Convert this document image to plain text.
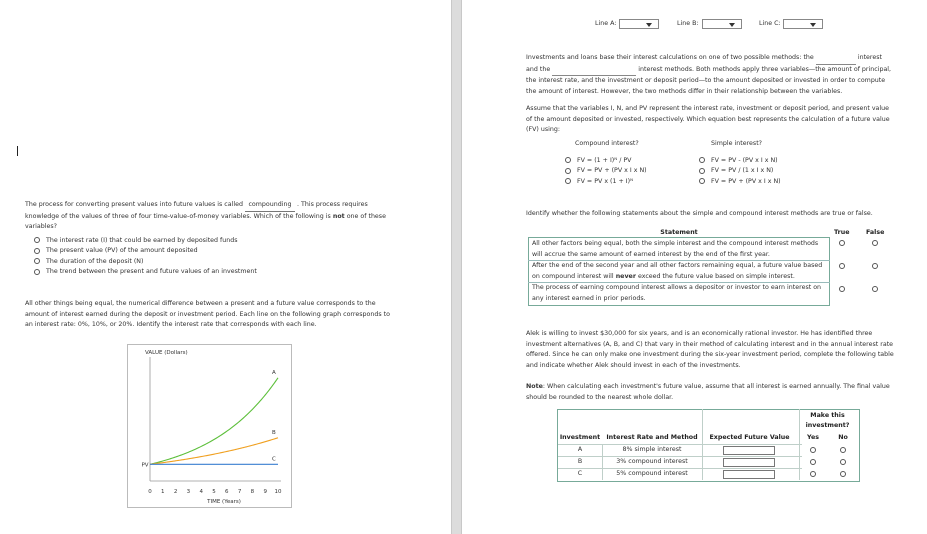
The process for converting present values into future values is called compounding . This process requires knowledge of the values of three of four time-value-of-money variables. Which of the following is not one of these variables?
The interest rate (I) that could be earned by deposited funds
The present value (PV) of the amount deposited
The duration of the deposit (N)
The trend between the present and future values of an investment
All other things being equal, the numerical difference between a present and a future value corresponds to the amount of interest earned during the deposit or investment period. Each line on the following graph corresponds to an interest rate: 0%, 10%, or 20%. Identify the interest rate that corresponds with each line.
VALUE (Dollars)
TIME (Years)
0 1 2 3 4 5 6 7 8 9 10
PV
A
B
C
Line A:	Line B:	Line C:
Investments and loans base their interest calculations on one of two possible methods: the	interest and the	interest methods. Both methods apply three variables—the amount of principal, the interest rate, and the investment or deposit period—to the amount deposited or invested in order to compute the amount of interest. However, the two methods differ in their relationship between the variables.
Assume that the variables I, N, and PV represent the interest rate, investment or deposit period, and present value of the amount deposited or invested, respectively. Which equation best represents the calculation of a future value (FV) using:
Compound interest?	Simple interest?
FV = (1 + I)ᴺ / PV
FV = PV + (PV x I x N)
FV = PV x (1 + I)ᴺ
FV = PV - (PV x I x N)
FV = PV / (1 x I x N)
FV = PV + (PV x I x N)
Identify whether the following statements about the simple and compound interest methods are true or false.
Statement	True	False
All other factors being equal, both the simple interest and the compound interest methods will accrue the same amount of earned interest by the end of the first year.
After the end of the second year and all other factors remaining equal, a future value based on compound interest will never exceed the future value based on simple interest.
The process of earning compound interest allows a depositor or investor to earn interest on any interest earned in prior periods.
Alek is willing to invest $30,000 for six years, and is an economically rational investor. He has identified three investment alternatives (A, B, and C) that vary in their method of calculating interest and in the annual interest rate offered. Since he can only make one investment during the six-year investment period, complete the following table and indicate whether Alek should invest in each of the investments.
Note: When calculating each investment's future value, assume that all interest is earned annually. The final value should be rounded to the nearest whole dollar.
Make this investment?
Investment Interest Rate and Method	Expected Future Value	Yes	No
A	8% simple interest
B	3% compound interest
C	5% compound interest
